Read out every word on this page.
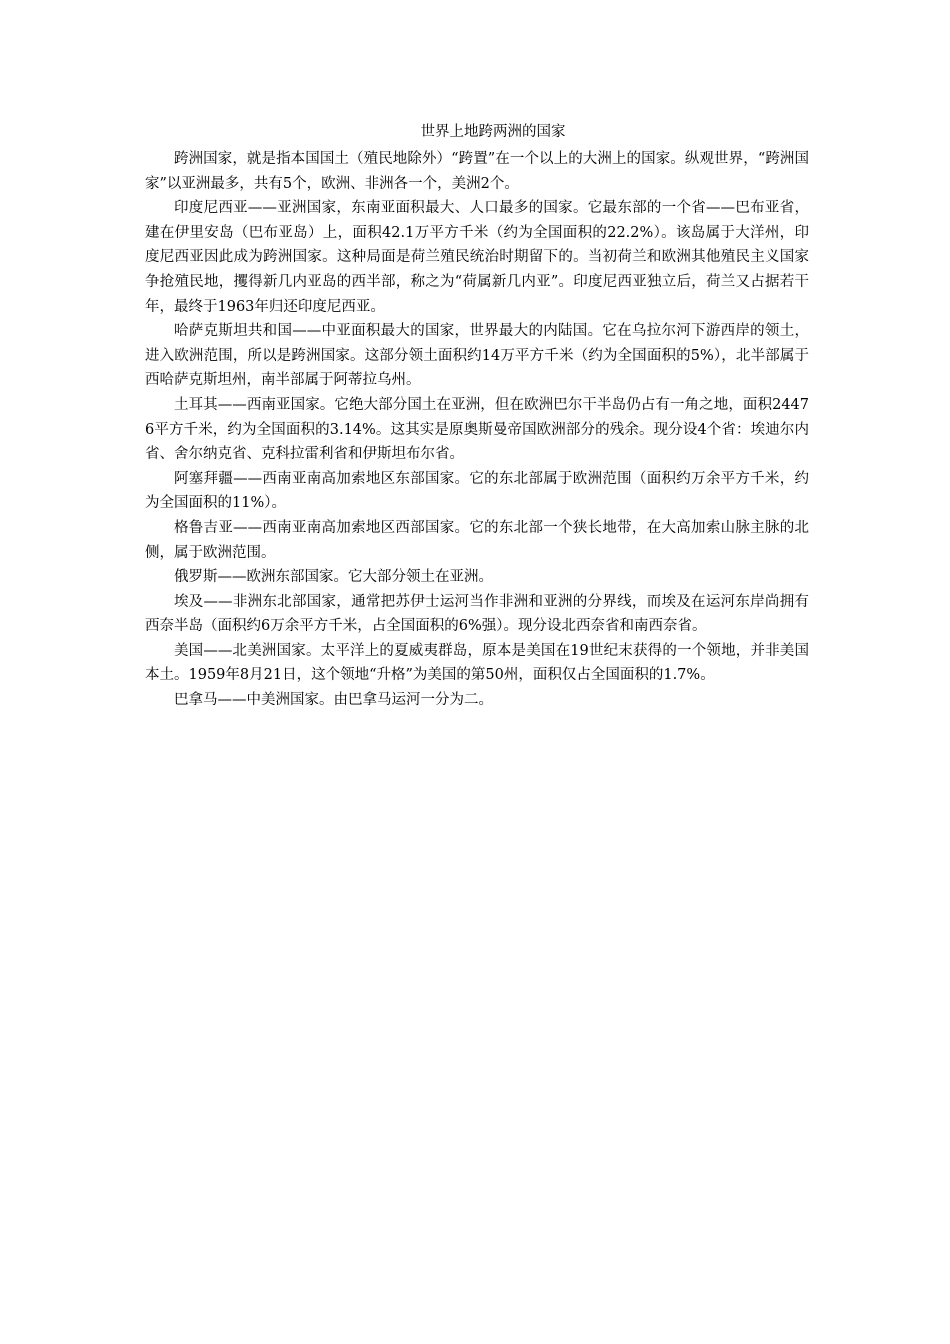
世界上地跨两洲的国家

跨洲国家，就是指本国国土（殖民地除外）“跨置”在一个以上的大洲上的国家。纵观世界，“跨洲国家”以亚洲最多，共有5个，欧洲、非洲各一个，美洲2个。

印度尼西亚——亚洲国家，东南亚面积最大、人口最多的国家。它最东部的一个省——巴布亚省，建在伊里安岛（巴布亚岛）上，面积42.1万平方千米（约为全国面积的22.2%）。该岛属于大洋州，印度尼西亚因此成为跨洲国家。这种局面是荷兰殖民统治时期留下的。当初荷兰和欧洲其他殖民主义国家争抢殖民地，攫得新几内亚岛的西半部，称之为“荷属新几内亚”。印度尼西亚独立后，荷兰又占据若干年，最终于1963年归还印度尼西亚。

哈萨克斯坦共和国——中亚面积最大的国家，世界最大的内陆国。它在乌拉尔河下游西岸的领土，进入欧洲范围，所以是跨洲国家。这部分领土面积约14万平方千米（约为全国面积的5%），北半部属于西哈萨克斯坦州，南半部属于阿蒂拉乌州。

土耳其——西南亚国家。它绝大部分国土在亚洲，但在欧洲巴尔干半岛仍占有一角之地，面积24476平方千米，约为全国面积的3.14%。这其实是原奥斯曼帝国欧洲部分的残余。现分设4个省：埃迪尔内省、舍尔纳克省、克科拉雷利省和伊斯坦布尔省。

阿塞拜疆——西南亚南高加索地区东部国家。它的东北部属于欧洲范围（面积约万余平方千米，约为全国面积的11%）。

格鲁吉亚——西南亚南高加索地区西部国家。它的东北部一个狭长地带，在大高加索山脉主脉的北侧，属于欧洲范围。

俄罗斯——欧洲东部国家。它大部分领土在亚洲。

埃及——非洲东北部国家，通常把苏伊士运河当作非洲和亚洲的分界线，而埃及在运河东岸尚拥有西奈半岛（面积约6万余平方千米，占全国面积的6%强）。现分设北西奈省和南西奈省。

美国——北美洲国家。太平洋上的夏威夷群岛，原本是美国在19世纪末获得的一个领地，并非美国本土。1959年8月21日，这个领地“升格”为美国的第50州，面积仅占全国面积的1.7%。

巴拿马——中美洲国家。由巴拿马运河一分为二。
